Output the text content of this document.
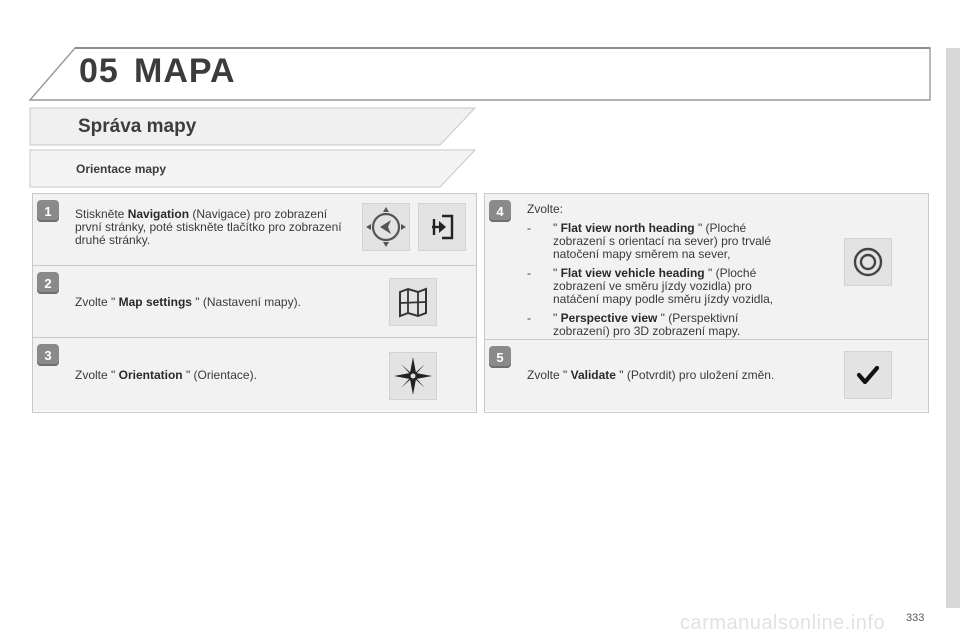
05 MAPA
Správa mapy
Orientace mapy
1	Stiskněte Navigation (Navigace) pro zobrazení první stránky, poté stiskněte tlačítko pro zobrazení druhé stránky.
2
Zvolte " Map settings " (Nastavení mapy).
3
Zvolte " Orientation " (Orientace).
4	Zvolte:
- " Flat view north heading " (Ploché zobrazení s orientací na sever) pro trvalé natočení mapy směrem na sever,
- " Flat view vehicle heading " (Ploché zobrazení ve směru jízdy vozidla) pro natáčení mapy podle směru jízdy vozidla,
- " Perspective view " (Perspektivní zobrazení) pro 3D zobrazení mapy.
5
Zvolte " Validate " (Potvrdit) pro uložení změn.
carmanualsonline.info 333
